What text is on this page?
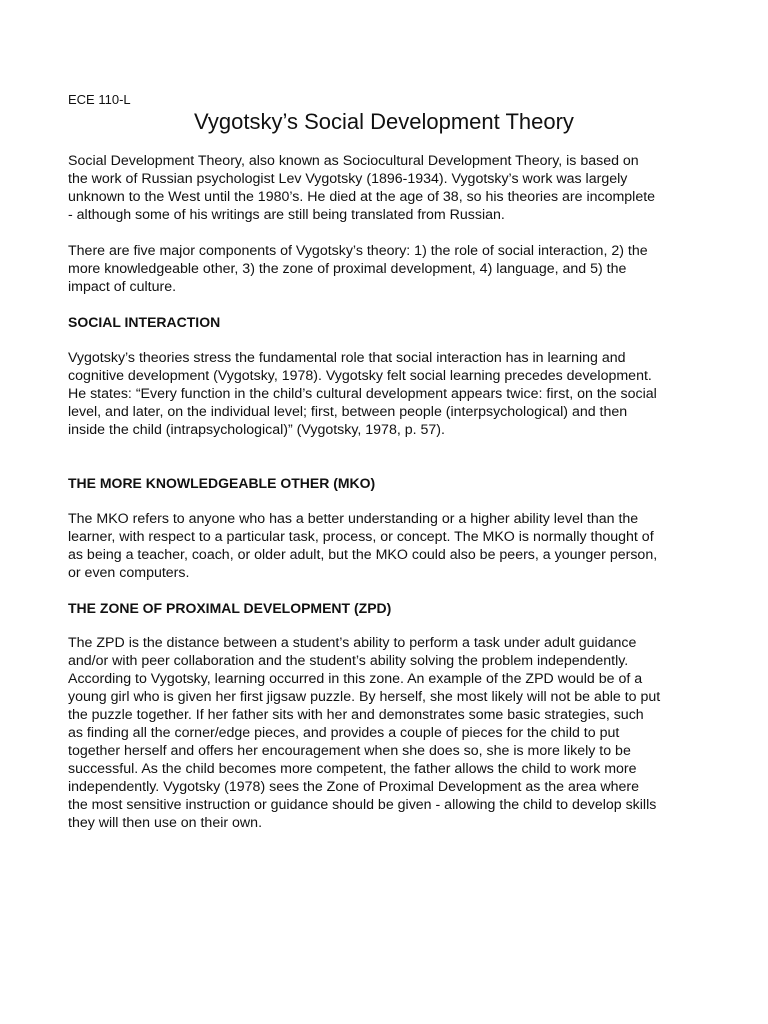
ECE 110-L
Vygotsky’s Social Development Theory

Social Development Theory, also known as Sociocultural Development Theory, is based on
the work of Russian psychologist Lev Vygotsky (1896-1934). Vygotsky’s work was largely
unknown to the West until the 1980’s. He died at the age of 38, so his theories are incomplete
- although some of his writings are still being translated from Russian.

There are five major components of Vygotsky’s theory: 1) the role of social interaction, 2) the
more knowledgeable other, 3) the zone of proximal development, 4) language, and 5) the
impact of culture.

SOCIAL INTERACTION

Vygotsky’s theories stress the fundamental role that social interaction has in learning and
cognitive development (Vygotsky, 1978). Vygotsky felt social learning precedes development.
He states: “Every function in the child’s cultural development appears twice: first, on the social
level, and later, on the individual level; first, between people (interpsychological) and then
inside the child (intrapsychological)” (Vygotsky, 1978, p. 57).

THE MORE KNOWLEDGEABLE OTHER (MKO)

The MKO refers to anyone who has a better understanding or a higher ability level than the
learner, with respect to a particular task, process, or concept. The MKO is normally thought of
as being a teacher, coach, or older adult, but the MKO could also be peers, a younger person,
or even computers.

THE ZONE OF PROXIMAL DEVELOPMENT (ZPD)

The ZPD is the distance between a student’s ability to perform a task under adult guidance
and/or with peer collaboration and the student’s ability solving the problem independently.
According to Vygotsky, learning occurred in this zone. An example of the ZPD would be of a
young girl who is given her first jigsaw puzzle. By herself, she most likely will not be able to put
the puzzle together. If her father sits with her and demonstrates some basic strategies, such
as finding all the corner/edge pieces, and provides a couple of pieces for the child to put
together herself and offers her encouragement when she does so, she is more likely to be
successful. As the child becomes more competent, the father allows the child to work more
independently. Vygotsky (1978) sees the Zone of Proximal Development as the area where
the most sensitive instruction or guidance should be given - allowing the child to develop skills
they will then use on their own.
